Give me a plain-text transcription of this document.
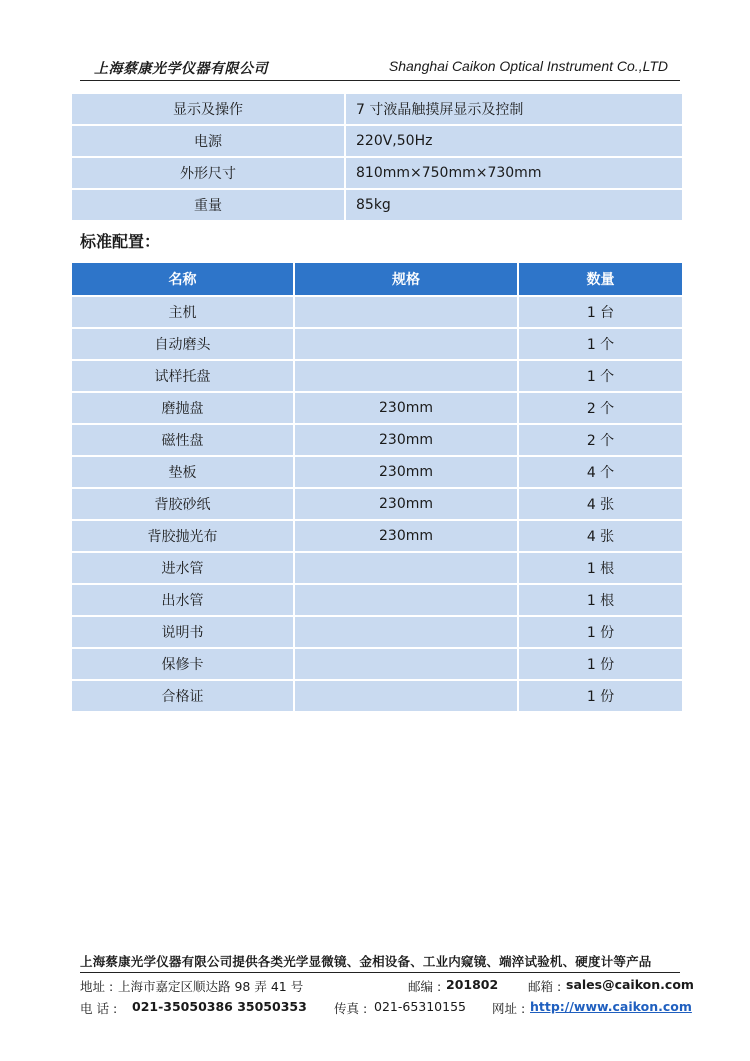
上海蔡康光学仪器有限公司	Shanghai Caikon Optical Instrument Co.,LTD
显示及操作	7 寸液晶触摸屏显示及控制
电源	220V,50Hz
外形尺寸	810mm×750mm×730mm
重量	85kg
标准配置：
名称	规格	数量
主机		1 台
自动磨头		1 个
试样托盘		1 个
磨抛盘	230mm	2 个
磁性盘	230mm	2 个
垫板	230mm	4 个
背胶砂纸	230mm	4 张
背胶抛光布	230mm	4 张
进水管		1 根
出水管		1 根
说明书		1 份
保修卡		1 份
合格证		1 份
上海蔡康光学仪器有限公司提供各类光学显微镜、金相设备、工业内窥镜、端淬试验机、硬度计等产品
地址 : 上海市嘉定区顺达路 98 弄 41 号	邮编 : 201802 邮箱 : sales@caikon.com
电 话 : 021-35050386 35050353 传真 : 021-65310155 网址 : http://www.caikon.com
